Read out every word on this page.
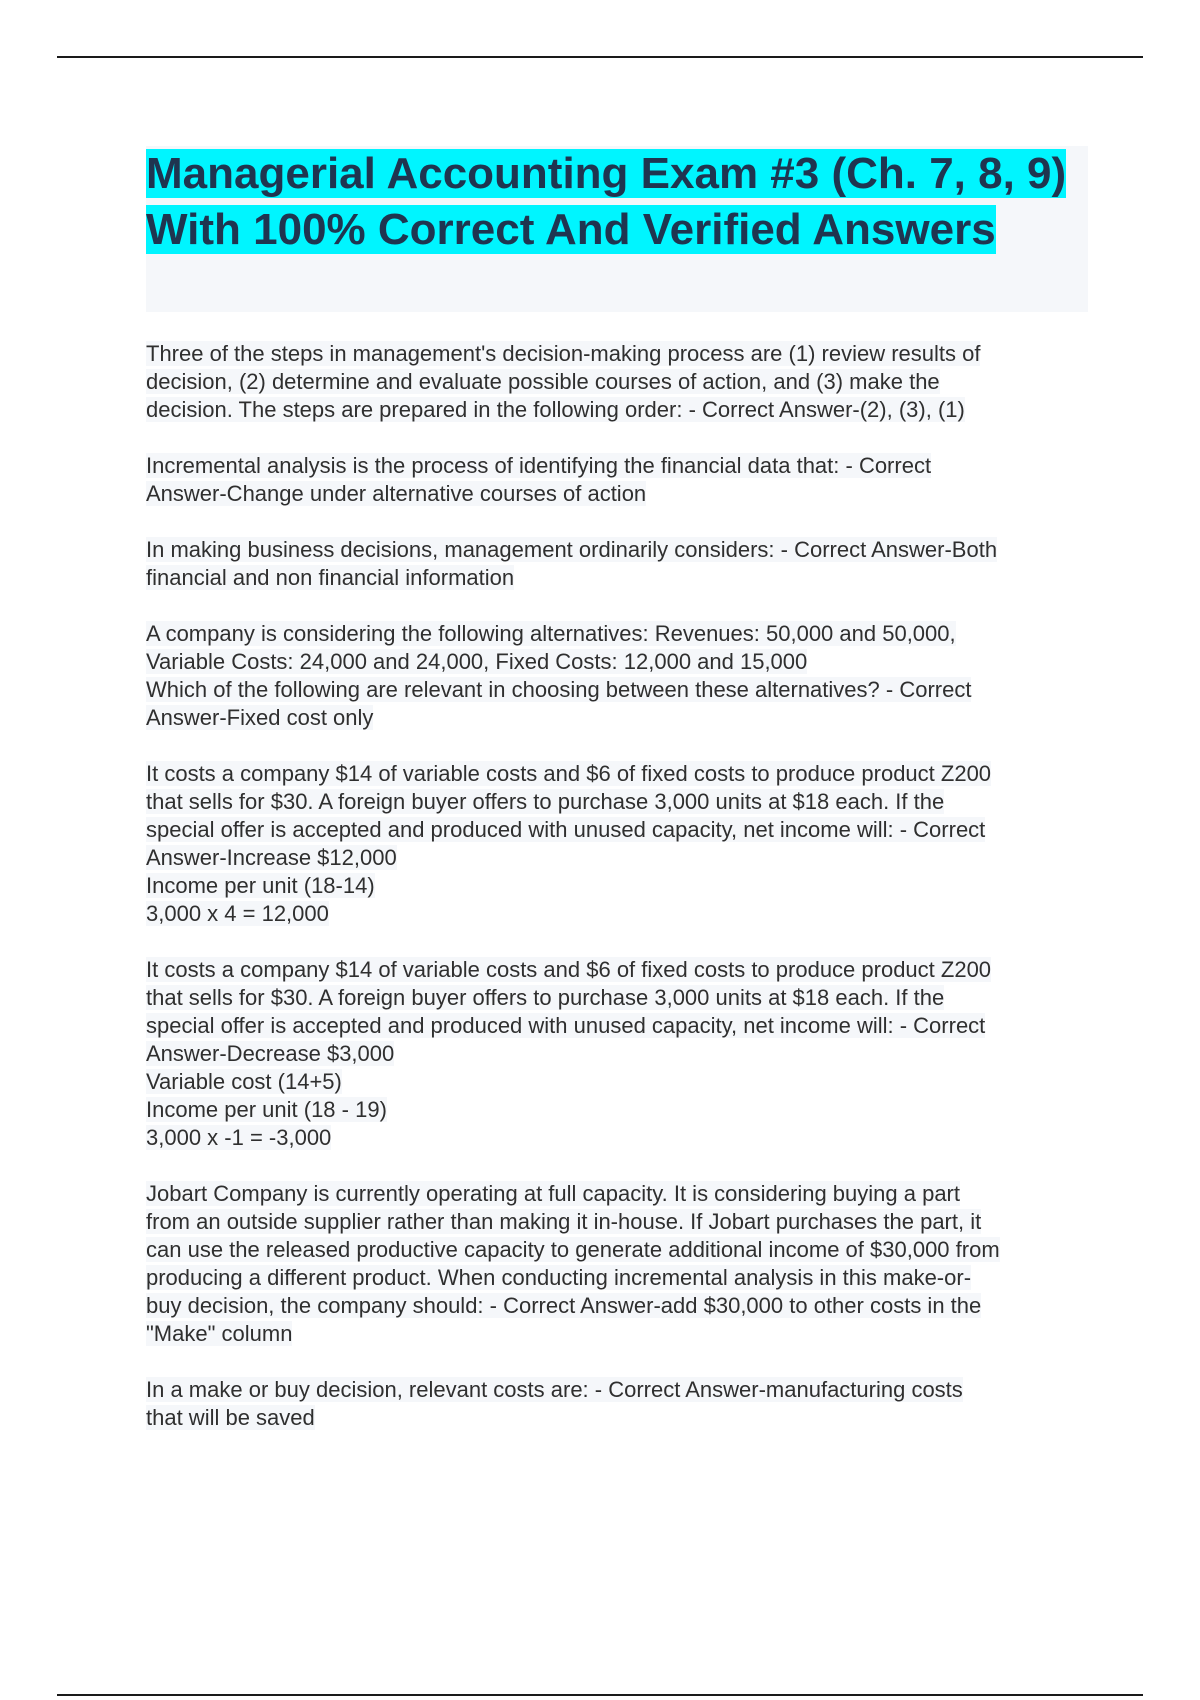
Managerial Accounting Exam #3 (Ch. 7, 8, 9) With 100% Correct And Verified Answers
Three of the steps in management's decision-making process are (1) review results of
decision, (2) determine and evaluate possible courses of action, and (3) make the
decision. The steps are prepared in the following order: - Correct Answer-(2), (3), (1)
Incremental analysis is the process of identifying the financial data that: - Correct
Answer-Change under alternative courses of action
In making business decisions, management ordinarily considers: - Correct Answer-Both
financial and non financial information
A company is considering the following alternatives: Revenues: 50,000 and 50,000,
Variable Costs: 24,000 and 24,000, Fixed Costs: 12,000 and 15,000
Which of the following are relevant in choosing between these alternatives? - Correct
Answer-Fixed cost only
It costs a company $14 of variable costs and $6 of fixed costs to produce product Z200
that sells for $30. A foreign buyer offers to purchase 3,000 units at $18 each. If the
special offer is accepted and produced with unused capacity, net income will: - Correct
Answer-Increase $12,000
Income per unit (18-14)
3,000 x 4 = 12,000
It costs a company $14 of variable costs and $6 of fixed costs to produce product Z200
that sells for $30. A foreign buyer offers to purchase 3,000 units at $18 each. If the
special offer is accepted and produced with unused capacity, net income will: - Correct
Answer-Decrease $3,000
Variable cost (14+5)
Income per unit (18 - 19)
3,000 x -1 = -3,000
Jobart Company is currently operating at full capacity. It is considering buying a part
from an outside supplier rather than making it in-house. If Jobart purchases the part, it
can use the released productive capacity to generate additional income of $30,000 from
producing a different product. When conducting incremental analysis in this make-or-
buy decision, the company should: - Correct Answer-add $30,000 to other costs in the
"Make" column
In a make or buy decision, relevant costs are: - Correct Answer-manufacturing costs
that will be saved
